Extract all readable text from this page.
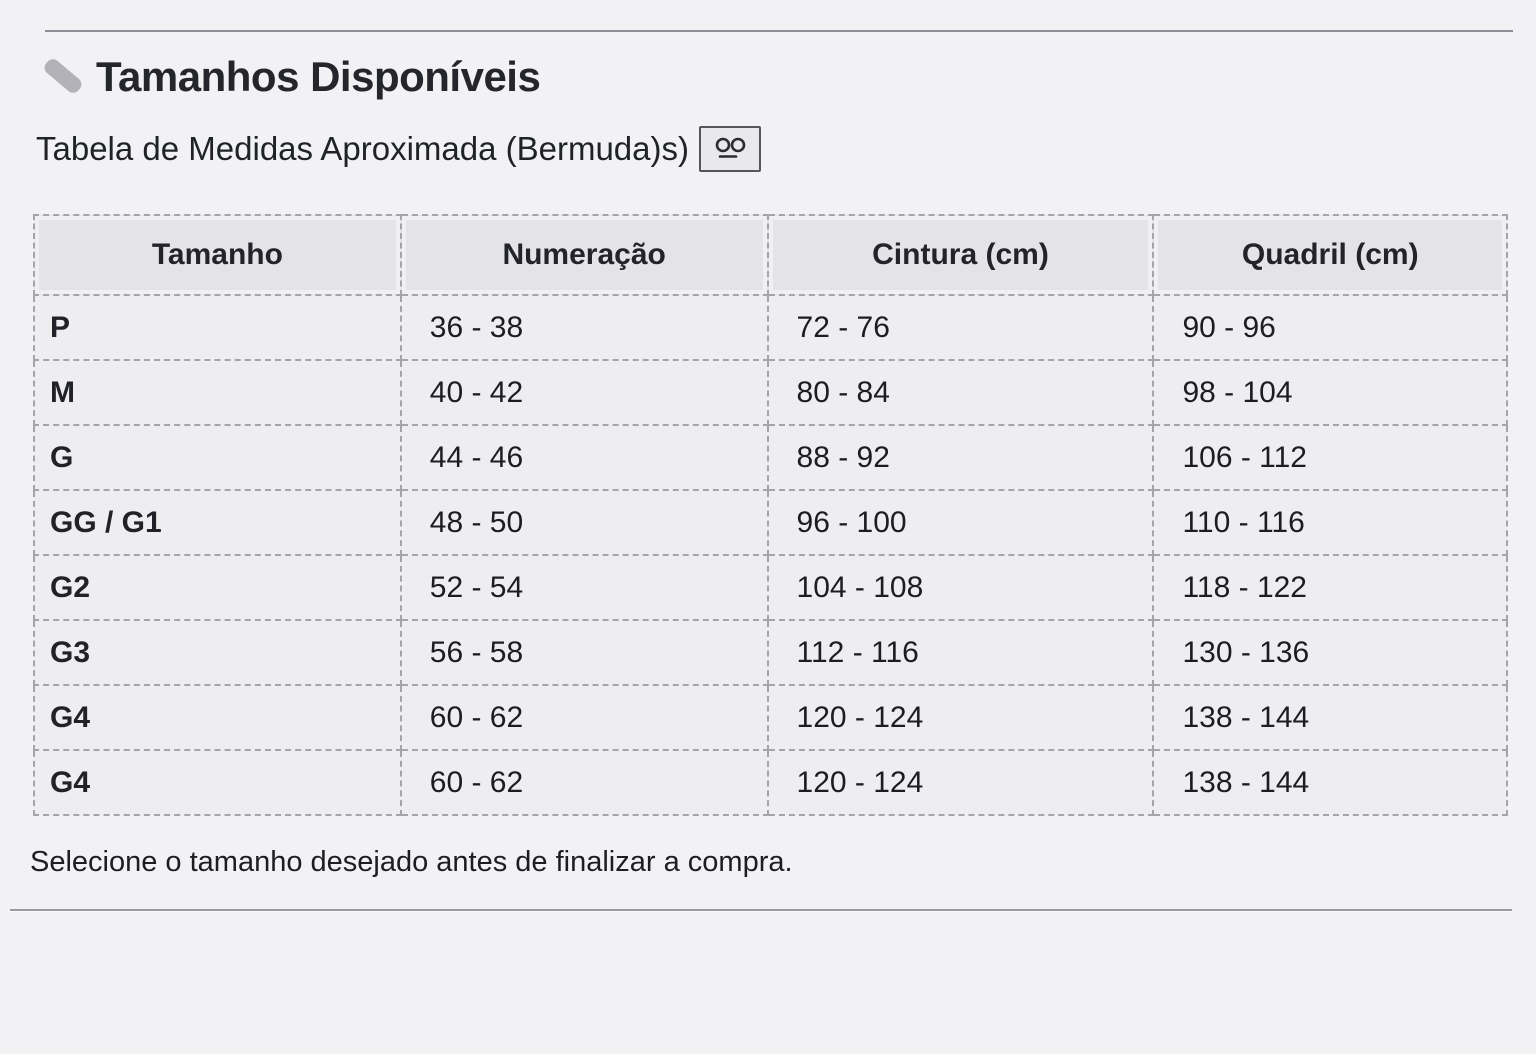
Tamanhos Disponíveis
Tabela de Medidas Aproximada (Bermuda)s)
Tamanho	Numeração	Cintura (cm)	Quadril (cm)
P	36 - 38	72 - 76	90 - 96
M	40 - 42	80 - 84	98 - 104
G	44 - 46	88 - 92	106 - 112
GG / G1	48 - 50	96 - 100	110 - 116
G2	52 - 54	104 - 108	118 - 122
G3	56 - 58	112 - 116	130 - 136
G4	60 - 62	120 - 124	138 - 144
G4	60 - 62	120 - 124	138 - 144

Selecione o tamanho desejado antes de finalizar a compra.
